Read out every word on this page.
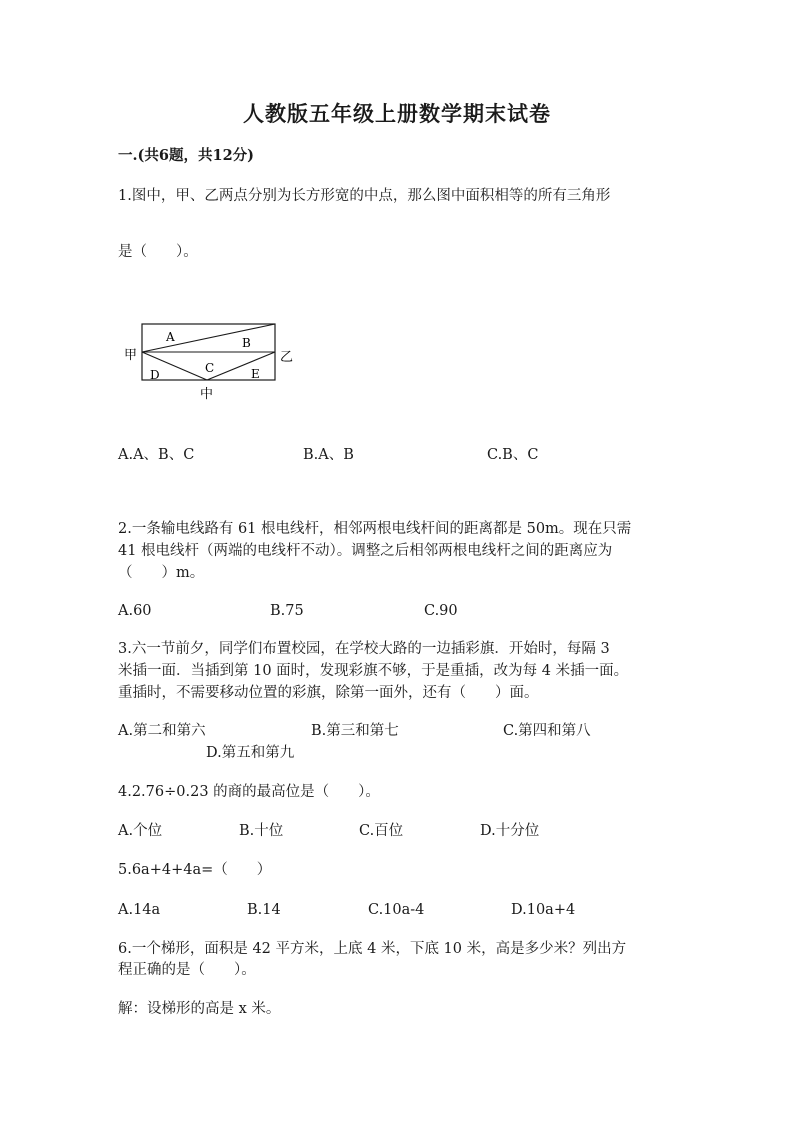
人教版五年级上册数学期末试卷
一.(共6题，共12分)
1.图中，甲、乙两点分别为长方形宽的中点，那么图中面积相等的所有三角形
是（　　）。
甲	乙
中
A	B
C
D	E
A.A、B、C	B.A、B	C.B、C
2.一条输电线路有 61 根电线杆，相邻两根电线杆间的距离都是 50m。现在只需
41 根电线杆（两端的电线杆不动）。调整之后相邻两根电线杆之间的距离应为
（　　）m。
A.60	B.75	C.90
3.六一节前夕，同学们布置校园，在学校大路的一边插彩旗．开始时，每隔 3
米插一面．当插到第 10 面时，发现彩旗不够，于是重插，改为每 4 米插一面。
重插时，不需要移动位置的彩旗，除第一面外，还有（　　）面。
A.第二和第六	B.第三和第七	C.第四和第八
D.第五和第九
4.2.76÷0.23 的商的最高位是（　　）。
A.个位	B.十位	C.百位	D.十分位
5.6a+4+4a=（　　）
A.14a	B.14	C.10a-4	D.10a+4
6.一个梯形，面积是 42 平方米，上底 4 米，下底 10 米，高是多少米？列出方
程正确的是（　　）。
解：设梯形的高是 x 米。
